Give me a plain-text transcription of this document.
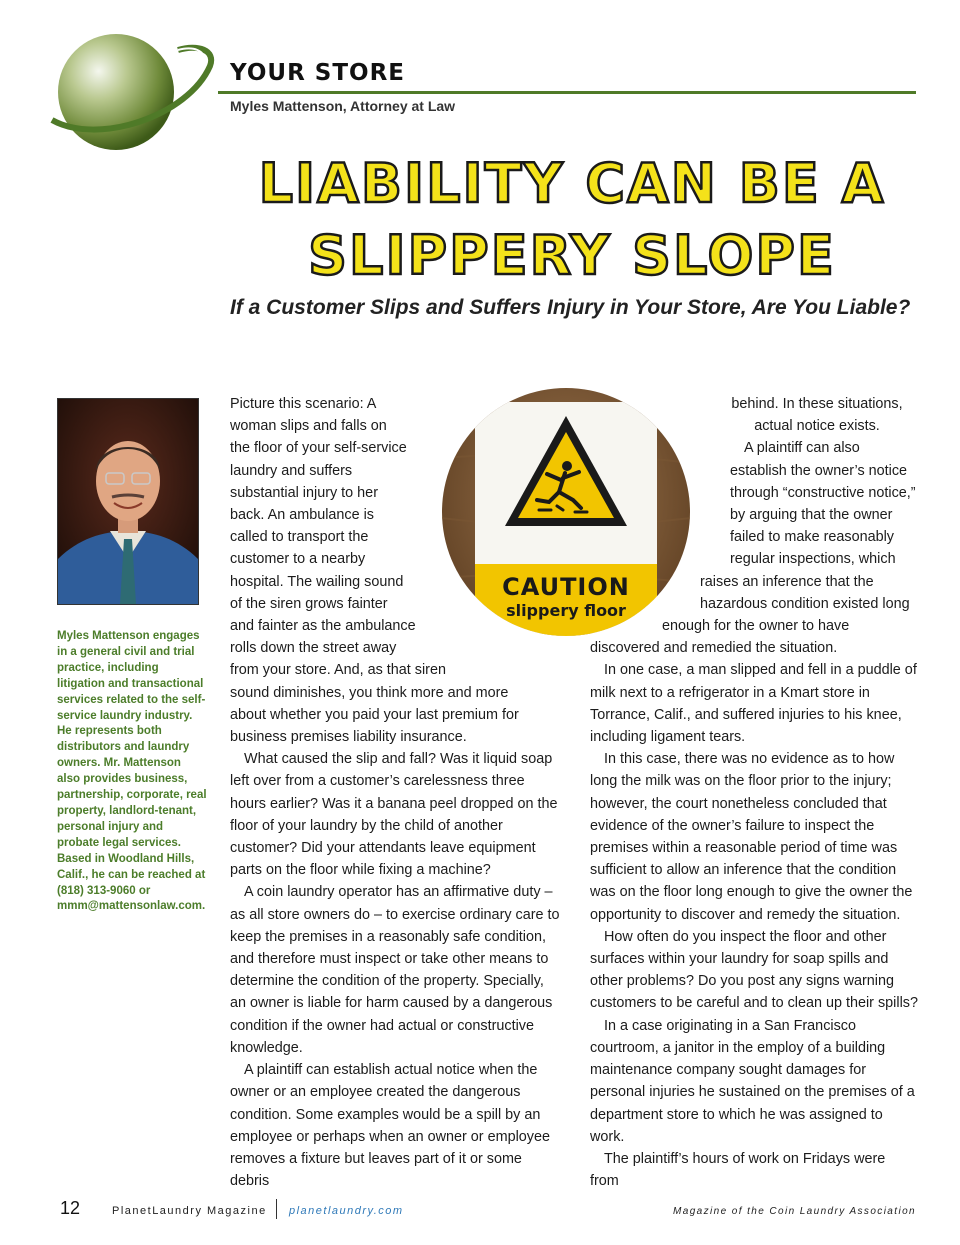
YOUR STORE
Myles Mattenson, Attorney at Law
LIABILITY CAN BE A
SLIPPERY SLOPE
If a Customer Slips and Suffers Injury in Your Store, Are You Liable?

Myles Mattenson engages in a general civil and trial practice, including litigation and transactional services related to the self-service laundry industry. He represents both distributors and laundry owners. Mr. Mattenson also provides business, partnership, corporate, real property, landlord-tenant, personal injury and probate legal services. Based in Woodland Hills, Calif., he can be reached at (818) 313-9060 or mmm@mattensonlaw.com.

CAUTION
slippery floor

Picture this scenario: A woman slips and falls on the floor of your self-service laundry and suffers substantial injury to her back. An ambulance is called to transport the customer to a nearby hospital. The wailing sound of the siren grows fainter and fainter as the ambulance rolls down the street away from your store. And, as that siren sound diminishes, you think more and more about whether you paid your last premium for business premises liability insurance.

What caused the slip and fall? Was it liquid soap left over from a customer’s carelessness three hours earlier? Was it a banana peel dropped on the floor of your laundry by the child of another customer? Did your attendants leave equipment parts on the floor while fixing a machine?

A coin laundry operator has an affirmative duty – as all store owners do – to exercise ordinary care to keep the premises in a reasonably safe condition, and therefore must inspect or take other means to determine the condition of the property. Specially, an owner is liable for harm caused by a dangerous condition if the owner had actual or constructive knowledge.

A plaintiff can establish actual notice when the owner or an employee created the dangerous condition. Some examples would be a spill by an employee or perhaps when an owner or employee removes a fixture but leaves part of it or some debris

behind. In these situations, actual notice exists.

A plaintiff can also establish the owner’s notice through “constructive notice,” by arguing that the owner failed to make reasonably regular inspections, which raises an inference that the hazardous condition existed long enough for the owner to have discovered and remedied the situation.

In one case, a man slipped and fell in a puddle of milk next to a refrigerator in a Kmart store in Torrance, Calif., and suffered injuries to his knee, including ligament tears.

In this case, there was no evidence as to how long the milk was on the floor prior to the injury; however, the court nonetheless concluded that evidence of the owner’s failure to inspect the premises within a reasonable period of time was sufficient to allow an inference that the condition was on the floor long enough to give the owner the opportunity to discover and remedy the situation.

How often do you inspect the floor and other surfaces within your laundry for soap spills and other problems? Do you post any signs warning customers to be careful and to clean up their spills?

In a case originating in a San Francisco courtroom, a janitor in the employ of a building maintenance company sought damages for personal injuries he sustained on the premises of a department store to which he was assigned to work.

The plaintiff’s hours of work on Fridays were from

12	PlanetLaundry Magazine planetlaundry.com	Magazine of the Coin Laundry Association
